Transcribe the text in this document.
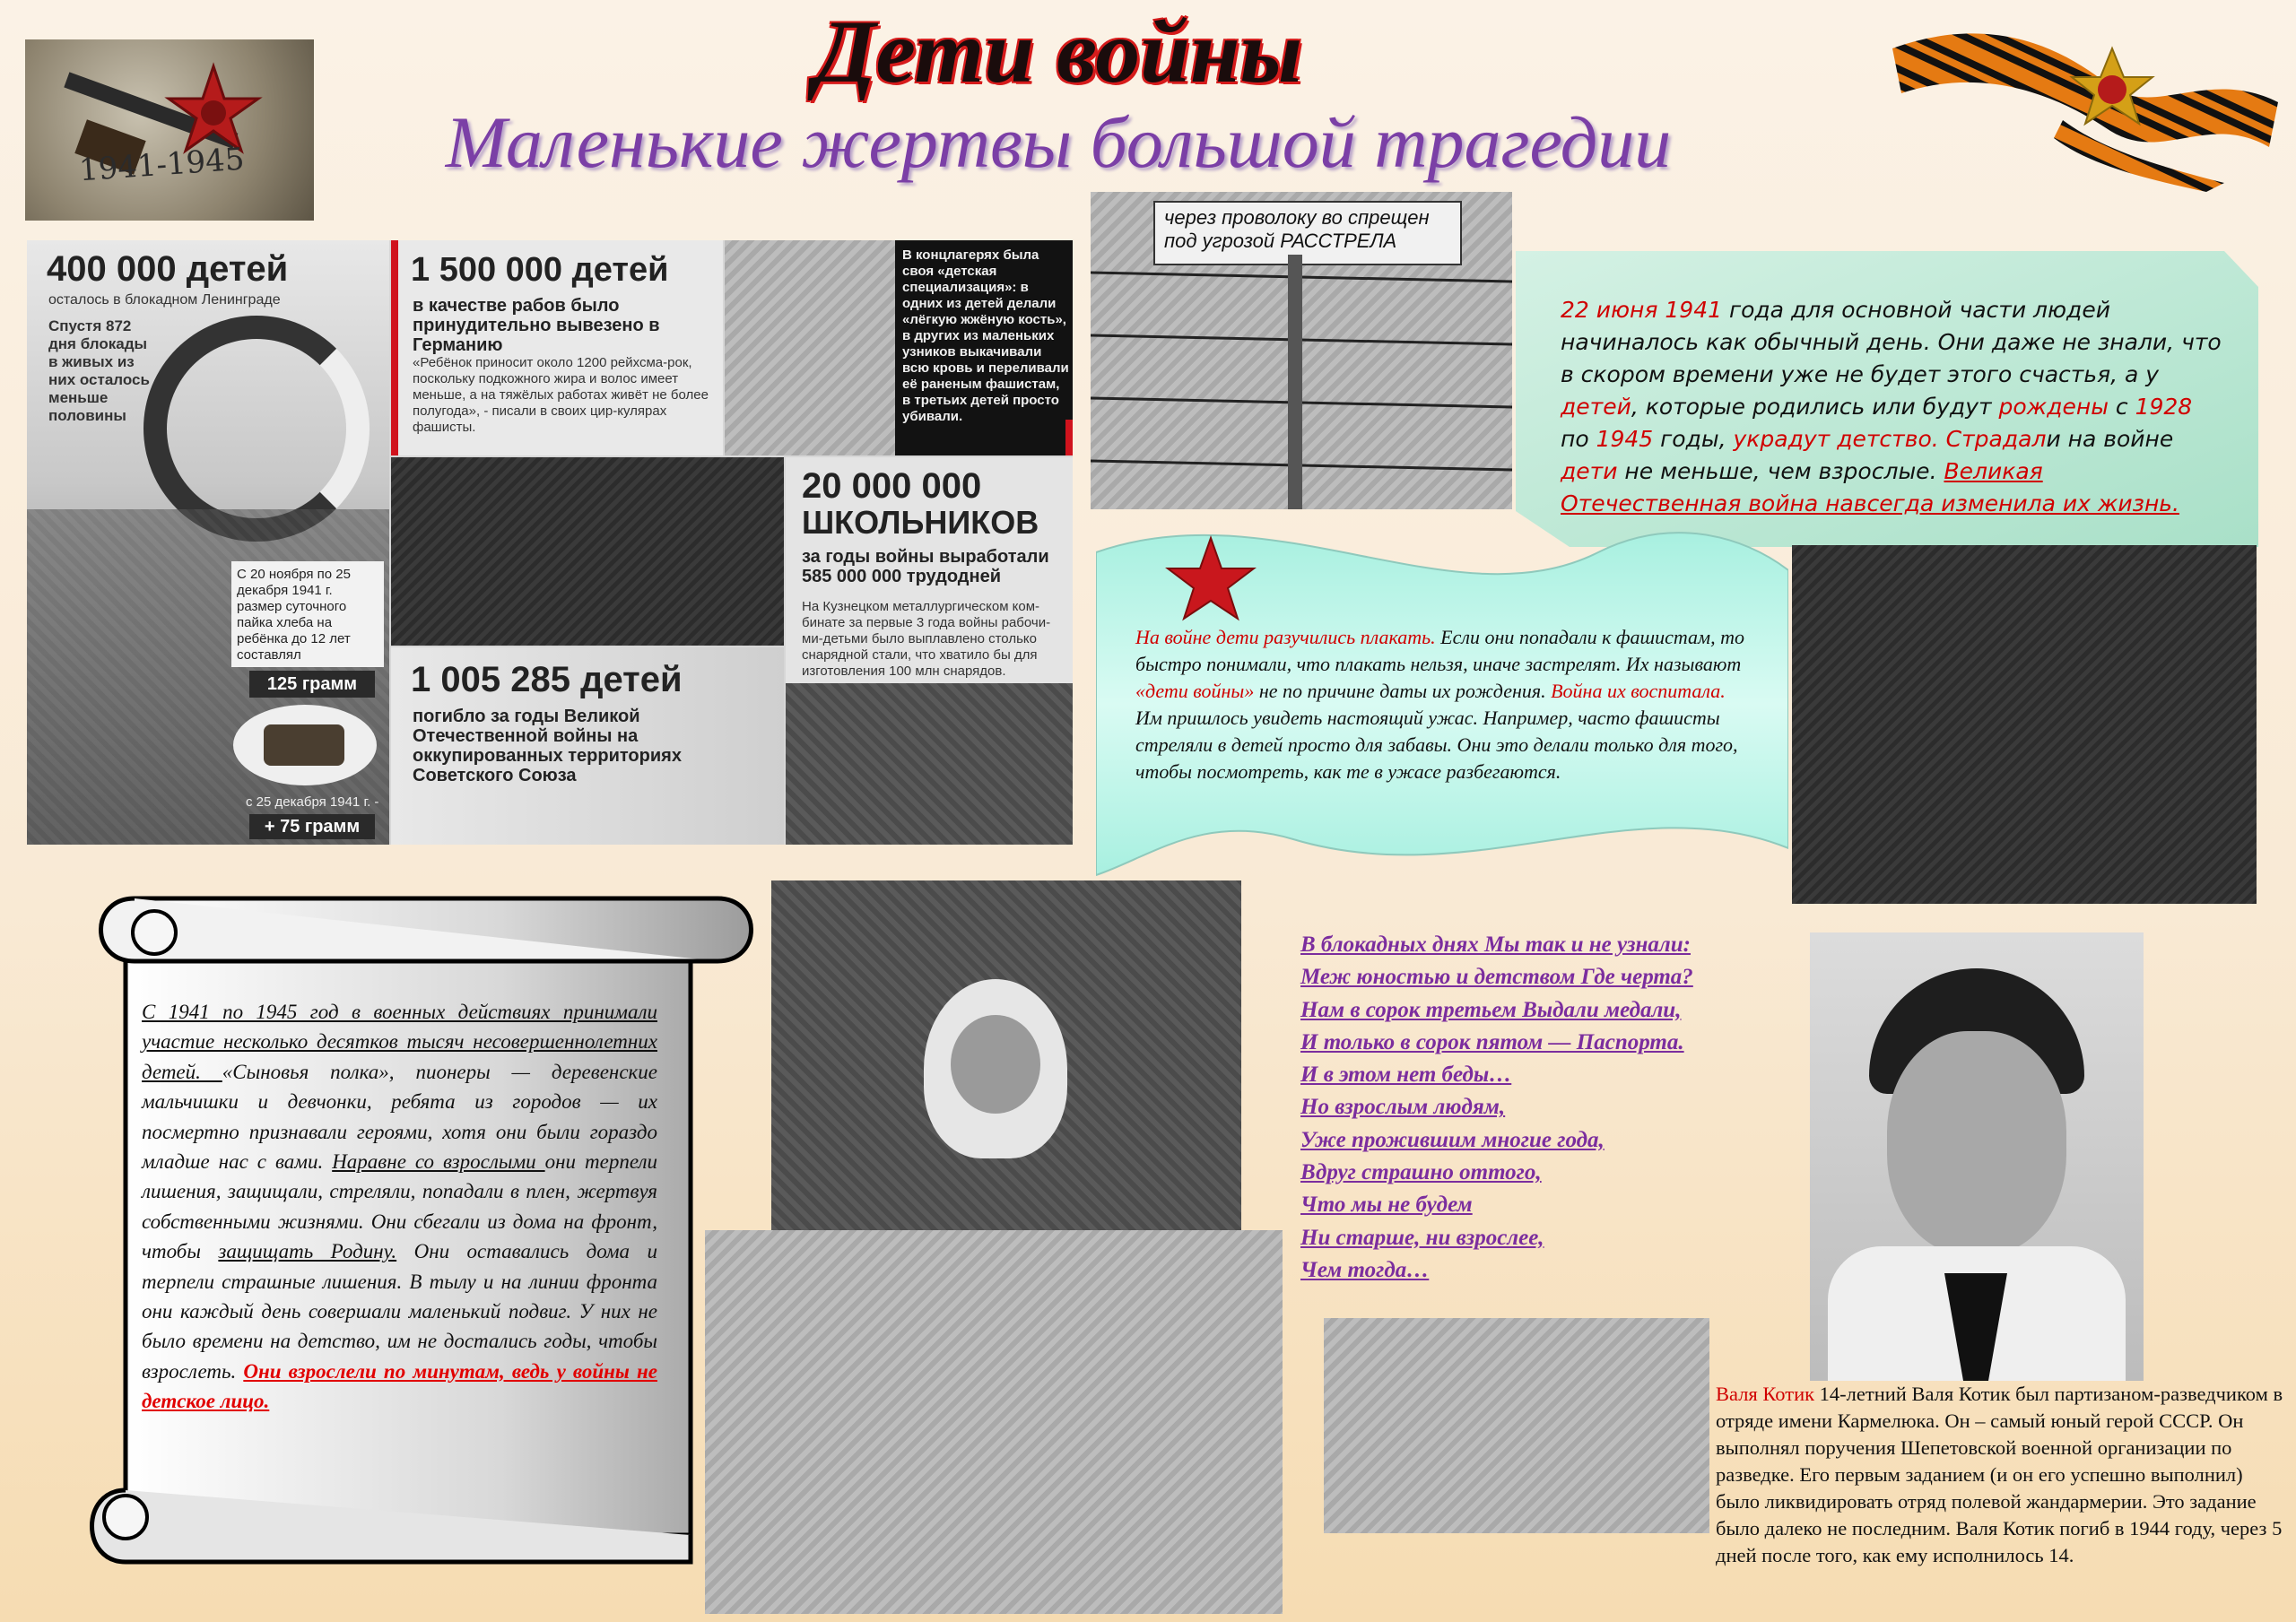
1941-1945
Дети войны
Маленькие жертвы большой трагедии
400 000 детей
осталось в блокадном Ленинграде
Спустя 872 дня блокады в живых из них осталось меньше половины
С 20 ноября по 25 декабря 1941 г. размер суточного пайка хлеба на ребёнка до 12 лет составлял
125 грамм
с 25 декабря 1941 г. -
+ 75 грамм
1 500 000 детей
в качестве рабов было принудительно вывезено в Германию
«Ребёнок приносит около 1200 рейхсма-рок, поскольку подкожного жира и волос имеет меньше, а на тяжёлых работах живёт не более полугода», - писали в своих цир-кулярах фашисты.
В концлагерях была своя «детская специализация»: в одних из детей делали «лёгкую жжёную кость», в других из маленьких узников выкачивали всю кровь и переливали её раненым фашистам, в третьих детей просто убивали.
20 000 000
ШКОЛЬНИКОВ
за годы войны выработали 585 000 000 трудодней
На Кузнецком металлургическом ком-бинате за первые 3 года войны рабочи-ми-детьми было выплавлено столько снарядной стали, что хватило бы для изготовления 100 млн снарядов.
1 005 285 детей
погибло за годы Великой Отечественной войны на оккупированных территориях Советского Союза
через проволоку во спрещен под угрозой РАССТРЕЛА
22 июня 1941 года для основной части людей начиналось как обычный день. Они даже не знали, что в скором времени уже не будет этого счастья, а у детей, которые родились или будут рождены с 1928 по 1945 годы, украдут детство. Страдали на войне дети не меньше, чем взрослые. Великая Отечественная война навсегда изменила их жизнь.
На войне дети разучились плакать. Если они попадали к фашистам, то быстро понимали, что плакать нельзя, иначе застрелят. Их называют «дети войны» не по причине даты их рождения. Война их воспитала. Им пришлось увидеть настоящий ужас. Например, часто фашисты стреляли в детей просто для забавы. Они это делали только для того, чтобы посмотреть, как те в ужасе разбегаются.
С 1941 по 1945 год в военных действиях принимали участие несколько десятков тысяч несовершеннолетних детей. «Сыновья полка», пионеры — деревенские мальчишки и девчонки, ребята из городов — их посмертно признавали героями, хотя они были гораздо младше нас с вами. Наравне со взрослыми они терпели лишения, защищали, стреляли, попадали в плен, жертвуя собственными жизнями. Они сбегали из дома на фронт, чтобы защищать Родину. Они оставались дома и терпели страшные лишения. В тылу и на линии фронта они каждый день совершали маленький подвиг. У них не было времени на детство, им не достались годы, чтобы взрослеть. Они взрослели по минутам, ведь у войны не детское лицо.
В блокадных днях Мы так и не узнали:
Меж юностью и детством Где черта?
Нам в сорок третьем Выдали медали,
И только в сорок пятом — Паспорта.
И в этом нет беды…
Но взрослым людям,
Уже прожившим многие года,
Вдруг страшно оттого,
Что мы не будем
Ни старше, ни взрослее,
Чем тогда…
Валя Котик 14-летний Валя Котик был партизаном-разведчиком в отряде имени Кармелюка. Он – самый юный герой СССР. Он выполнял поручения Шепетовской военной организации по разведке. Его первым заданием (и он его успешно выполнил) было ликвидировать отряд полевой жандармерии. Это задание было далеко не последним. Валя Котик погиб в 1944 году, через 5 дней после того, как ему исполнилось 14.
